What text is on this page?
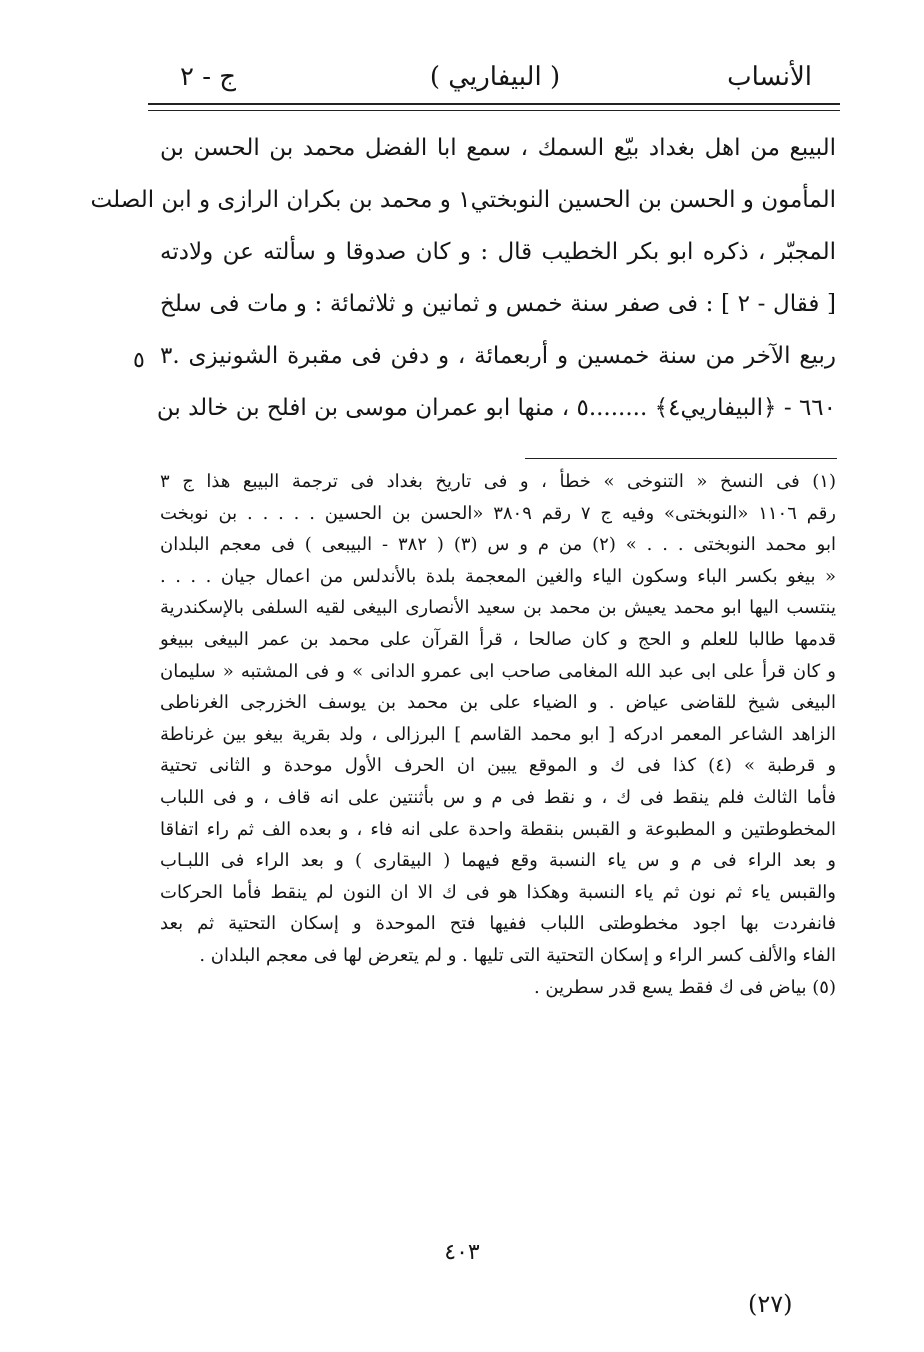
الأنساب
( البيفاريي )
ج - ٢
البيبع من اهل بغداد بيّع السمك ، سمع ابا الفضل محمد بن الحسن بن
المأمون و الحسن بن الحسين النوبختي١ و محمد بن بكران الرازى و ابن الصلت
المجبّر ، ذكره ابو بكر الخطيب قال : و كان صدوقا و سألته عن ولادته
[ فقال - ٢ ] : فى صفر سنة خمس و ثمانين و ثلاثمائة : و مات فى سلخ
ربيع الآخر من سنة خمسين و أربعمائة ، و دفن فى مقبرة الشونيزى .٣
٦٦٠ - ﴿البيفاريي٤﴾ ........٥ ، منها ابو عمران موسى بن افلح بن خالد بن
٥
(١) فى النسخ « التنوخى » خطأ ، و فى تاريخ بغداد فى ترجمة البيبع هذا ج ٣
رقم ١١٠٦ «النوبختى» وفيه ج ٧ رقم ٣٨٠٩ «الحسن بن الحسين . . . . . بن نوبخت
ابو محمد النوبختى . . . » (٢) من م و س (٣) ( ٣٨٢ - البيبعى ) فى معجم البلدان
« بيغو بكسر الباء وسكون الياء والغين المعجمة بلدة بالأندلس من اعمال جيان . . . .
ينتسب اليها ابو محمد يعيش بن محمد بن سعيد الأنصارى البيغى لقيه السلفى بالإسكندرية
قدمها طالبا للعلم و الحج و كان صالحا ، قرأ القرآن على محمد بن عمر البيغى ببيغو
و كان قرأ على ابى عبد الله المغامى صاحب ابى عمرو الدانى » و فى المشتبه « سليمان
البيغى شيخ للقاضى عياض . و الضياء على بن محمد بن يوسف الخزرجى الغرناطى
الزاهد الشاعر المعمر ادركه [ ابو محمد القاسم ] البرزالى ، ولد بقرية بيغو بين غرناطة
و قرطبة » (٤) كذا فى ك و الموقع يبين ان الحرف الأول موحدة و الثانى تحتية
فأما الثالث فلم ينقط فى ك ، و نقط فى م و س بأثنتين على انه قاف ، و فى اللباب
المخطوطتين و المطبوعة و القبس بنقطة واحدة على انه فاء ، و بعده الف ثم راء اتفاقا
و بعد الراء فى م و س ياء النسبة وقع فيهما ( البيقارى ) و بعد الراء فى اللبـاب
والقبس ياء ثم نون ثم ياء النسبة وهكذا هو فى ك الا ان النون لم ينقط فأما الحركات
فانفردت بها اجود مخطوطتى اللباب ففيها فتح الموحدة و إسكان التحتية ثم بعد
الفاء والألف كسر الراء و إسكان التحتية التى تليها . و لم يتعرض لها فى معجم البلدان .
(٥) بياض فى ك فقط يسع قدر سطرين .
٤٠٣
(٢٧)
